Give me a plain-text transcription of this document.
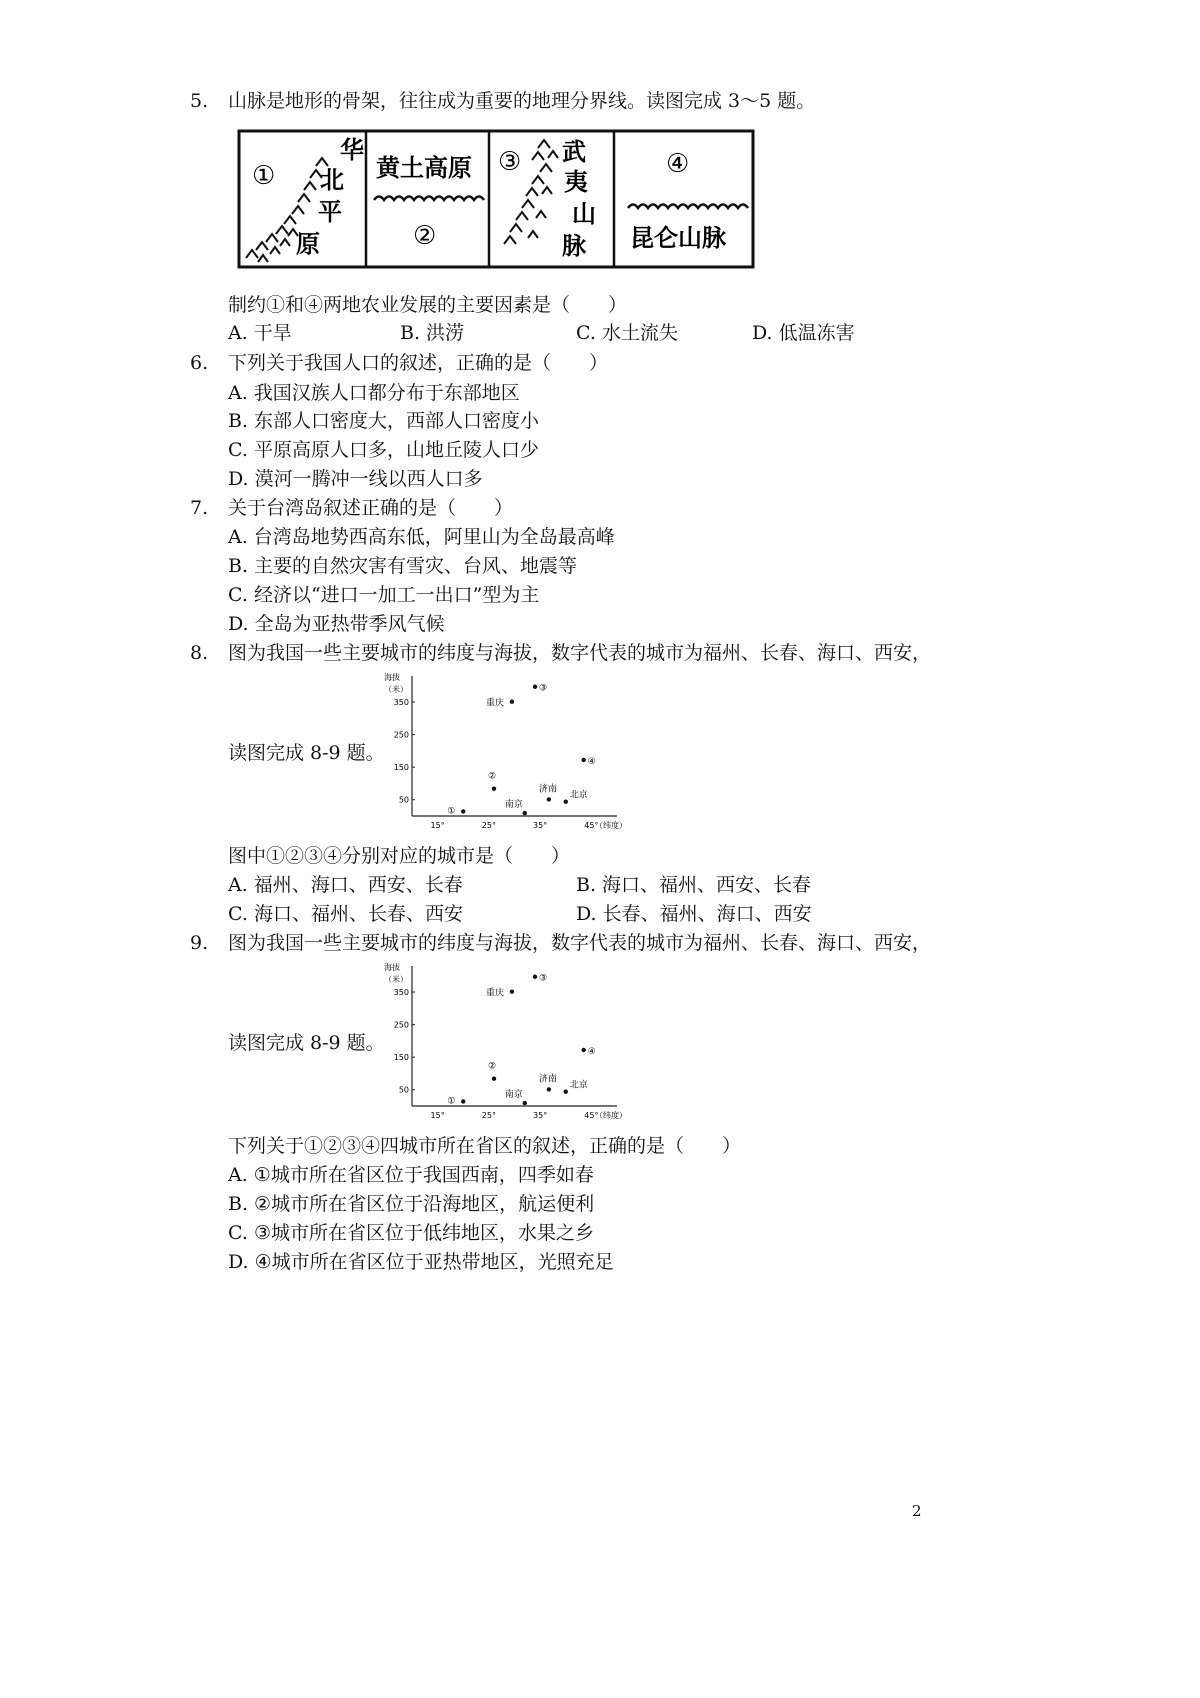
5. 山脉是地形的骨架，往往成为重要的地理分界线。读图完成 3～5 题。
①
华
北
平
原
黄土高原
②
③ 武
夷
山
脉
④
昆仑山脉
制约①和④两地农业发展的主要因素是（　　）
A. 干旱	B. 洪涝	C. 水土流失	D. 低温冻害
6. 下列关于我国人口的叙述，正确的是（　　）
A. 我国汉族人口都分布于东部地区
B. 东部人口密度大，西部人口密度小
C. 平原高原人口多，山地丘陵人口少
D. 漠河一腾冲一线以西人口多
7. 关于台湾岛叙述正确的是（　　）
A. 台湾岛地势西高东低，阿里山为全岛最高峰
B. 主要的自然灾害有雪灾、台风、地震等
C. 经济以“进口一加工一出口”型为主
D. 全岛为亚热带季风气候
8. 图为我国一些主要城市的纬度与海拔，数字代表的城市为福州、长春、海口、西安，
读图完成 8-9 题。
海拔
（米）
50
150
250
350
15°	25°	35°	45°
（纬度）
①
②
南京
济南
北京
重庆
③
④
图中①②③④分别对应的城市是（　　）
A. 福州、海口、西安、长春	B. 海口、福州、西安、长春
C. 海口、福州、长春、西安	D. 长春、福州、海口、西安
9. 图为我国一些主要城市的纬度与海拔，数字代表的城市为福州、长春、海口、西安，
读图完成 8-9 题。
海拔
（米）
50
150
250
350
15°	25°	35°	45°
（纬度）
①
②
南京
济南
北京
重庆
③
④
下列关于①②③④四城市所在省区的叙述，正确的是（　　）
A. ①城市所在省区位于我国西南，四季如春
B. ②城市所在省区位于沿海地区，航运便利
C. ③城市所在省区位于低纬地区，水果之乡
D. ④城市所在省区位于亚热带地区，光照充足
2
